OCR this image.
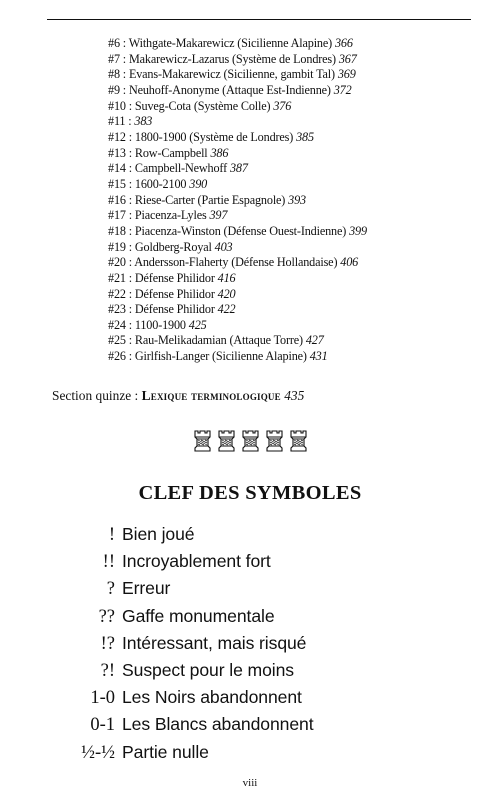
#6 : Withgate-Makarewicz (Sicilienne Alapine) 366
#7 : Makarewicz-Lazarus (Système de Londres) 367
#8 : Evans-Makarewicz (Sicilienne, gambit Tal) 369
#9 : Neuhoff-Anonyme (Attaque Est-Indienne) 372
#10 : Suveg-Cota (Système Colle) 376
#11 : 383
#12 : 1800-1900 (Système de Londres) 385
#13 : Row-Campbell 386
#14 : Campbell-Newhoff 387
#15 : 1600-2100 390
#16 : Riese-Carter (Partie Espagnole) 393
#17 : Piacenza-Lyles 397
#18 : Piacenza-Winston (Défense Ouest-Indienne) 399
#19 : Goldberg-Royal 403
#20 : Andersson-Flaherty (Défense Hollandaise) 406
#21 : Défense Philidor 416
#22 : Défense Philidor 420
#23 : Défense Philidor 422
#24 : 1100-1900 425
#25 : Rau-Melikadamian (Attaque Torre) 427
#26 : Girlfish-Langer (Sicilienne Alapine) 431
Section quinze : Lexique terminologique 435
CLEF DES SYMBOLES
! Bien joué
!! Incroyablement fort
? Erreur
?? Gaffe monumentale
!? Intéressant, mais risqué
?! Suspect pour le moins
1-0 Les Noirs abandonnent
0-1 Les Blancs abandonnent
½-½ Partie nulle
viii
